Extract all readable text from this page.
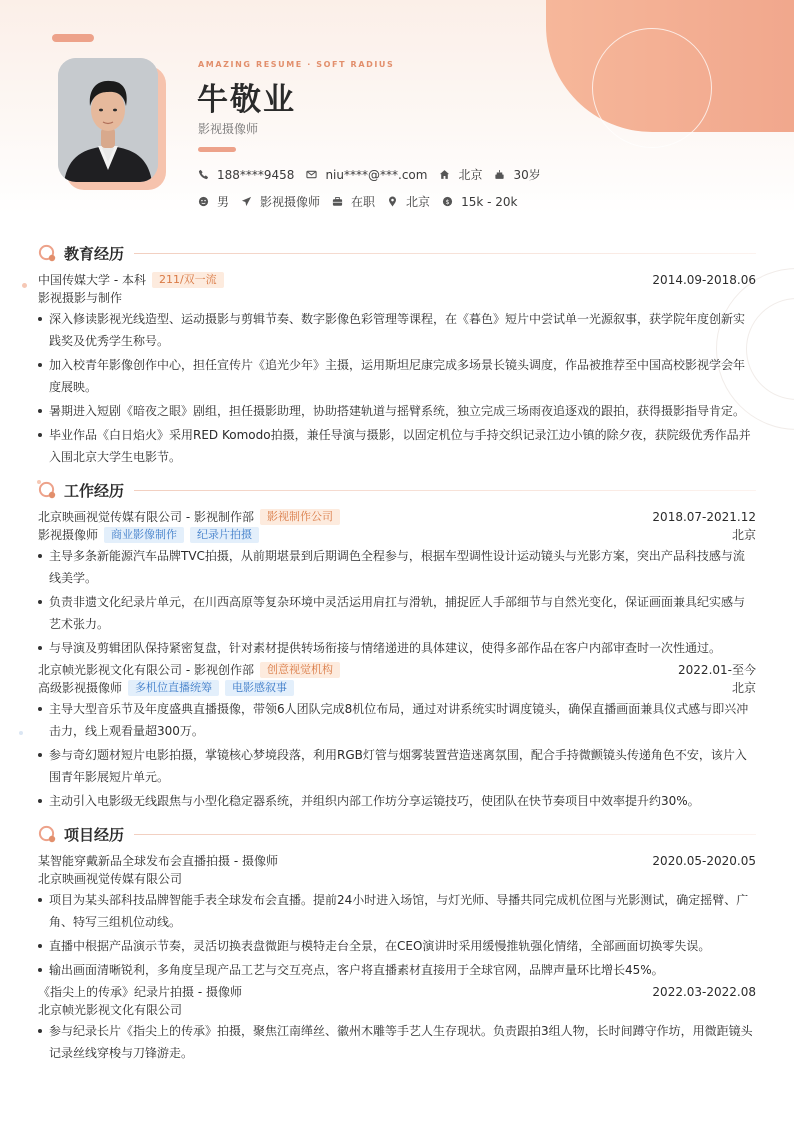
AMAZING RESUME · SOFT RADIUS
牛敬业
影视摄像师
188****9458	niu****@***.com	北京	30岁
男	影视摄像师	在职	北京 $ 15k - 20k
教育经历
中国传媒大学 - 本科	211/双一流	2014.09-2018.06
影视摄影与制作
深入修读影视光线造型、运动摄影与剪辑节奏、数字影像色彩管理等课程，在《暮色》短片中尝试单一光源叙事，获学院年度创新实践奖及优秀学生称号。
加入校青年影像创作中心，担任宣传片《追光少年》主摄，运用斯坦尼康完成多场景长镜头调度，作品被推荐至中国高校影视学会年度展映。
暑期进入短剧《暗夜之眼》剧组，担任摄影助理，协助搭建轨道与摇臂系统，独立完成三场雨夜追逐戏的跟拍，获得摄影指导肯定。
毕业作品《白日焰火》采用RED Komodo拍摄，兼任导演与摄影，以固定机位与手持交织记录江边小镇的除夕夜，获院级优秀作品并入围北京大学生电影节。
工作经历
北京映画视觉传媒有限公司 - 影视制作部	影视制作公司	2018.07-2021.12
影视摄像师	商业影像制作	纪录片拍摄	北京
主导多条新能源汽车品牌TVC拍摄，从前期堪景到后期调色全程参与，根据车型调性设计运动镜头与光影方案，突出产品科技感与流线美学。
负责非遗文化纪录片单元，在川西高原等复杂环境中灵活运用肩扛与滑轨，捕捉匠人手部细节与自然光变化，保证画面兼具纪实感与艺术张力。
与导演及剪辑团队保持紧密复盘，针对素材提供转场衔接与情绪递进的具体建议，使得多部作品在客户内部审查时一次性通过。
北京帧光影视文化有限公司 - 影视创作部	创意视觉机构	2022.01-至今
高级影视摄像师	多机位直播统筹	电影感叙事	北京
主导大型音乐节及年度盛典直播摄像，带领6人团队完成8机位布局，通过对讲系统实时调度镜头，确保直播画面兼具仪式感与即兴冲击力，线上观看量超300万。
参与奇幻题材短片电影拍摄，掌镜核心梦境段落，利用RGB灯管与烟雾装置营造迷离氛围，配合手持微颤镜头传递角色不安，该片入围青年影展短片单元。
主动引入电影级无线跟焦与小型化稳定器系统，并组织内部工作坊分享运镜技巧，使团队在快节奏项目中效率提升约30%。
项目经历
某智能穿戴新品全球发布会直播拍摄 - 摄像师	2020.05-2020.05
北京映画视觉传媒有限公司
项目为某头部科技品牌智能手表全球发布会直播。提前24小时进入场馆，与灯光师、导播共同完成机位图与光影测试，确定摇臂、广角、特写三组机位动线。
直播中根据产品演示节奏，灵活切换表盘微距与模特走台全景，在CEO演讲时采用缓慢推轨强化情绪，全部画面切换零失误。
输出画面清晰锐利，多角度呈现产品工艺与交互亮点，客户将直播素材直接用于全球官网，品牌声量环比增长45%。
《指尖上的传承》纪录片拍摄 - 摄像师	2022.03-2022.08
北京帧光影视文化有限公司
参与纪录长片《指尖上的传承》拍摄，聚焦江南缂丝、徽州木雕等手艺人生存现状。负责跟拍3组人物，长时间蹲守作坊，用微距镜头记录丝线穿梭与刀锋游走。
